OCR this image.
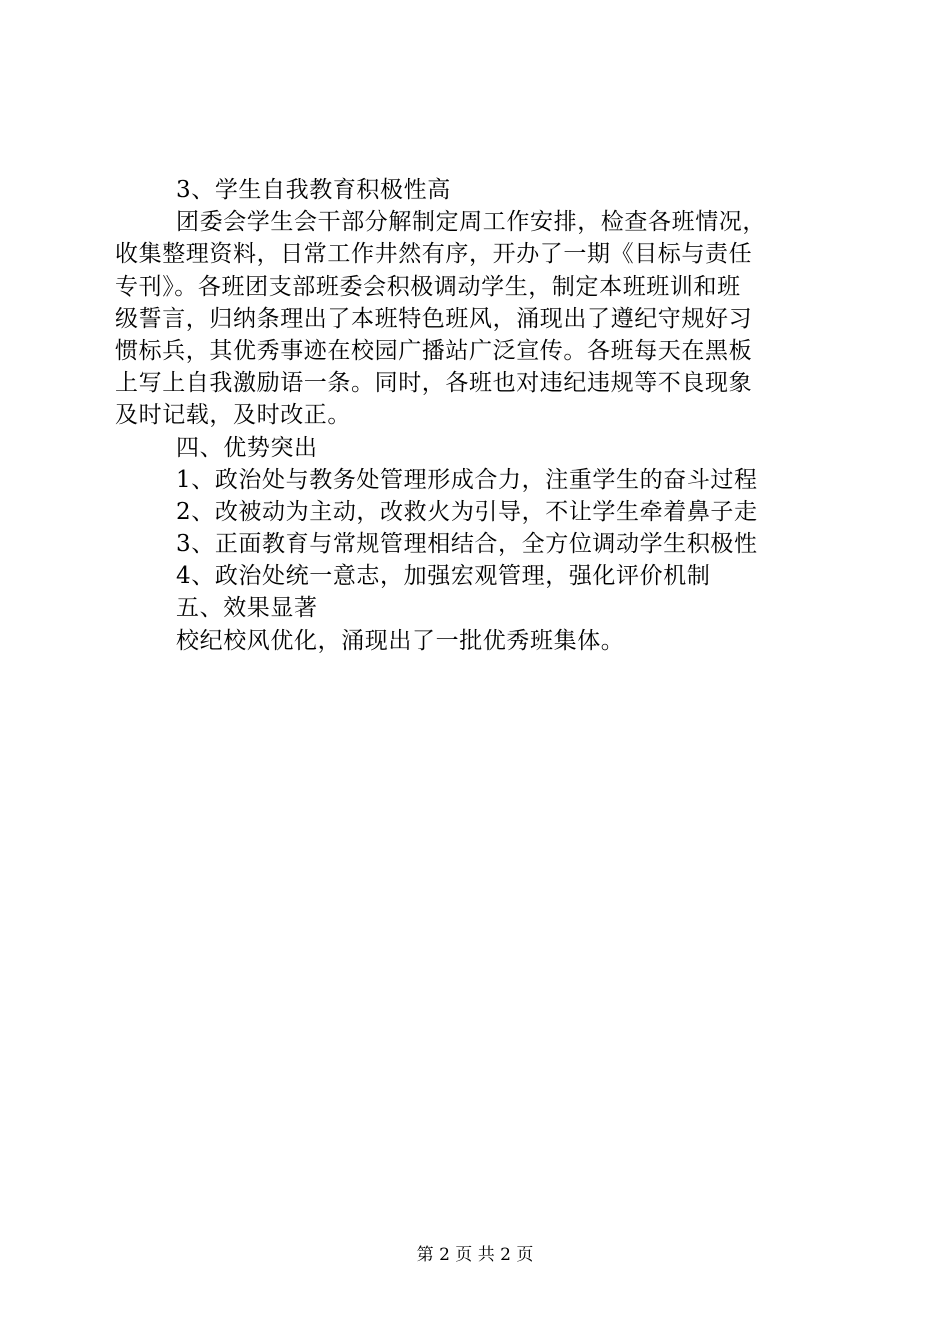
3、学生自我教育积极性高
团委会学生会干部分解制定周工作安排，检查各班情况，
收集整理资料，日常工作井然有序，开办了一期《目标与责任
专刊》。各班团支部班委会积极调动学生，制定本班班训和班
级誓言，归纳条理出了本班特色班风，涌现出了遵纪守规好习
惯标兵，其优秀事迹在校园广播站广泛宣传。各班每天在黑板
上写上自我激励语一条。同时，各班也对违纪违规等不良现象
及时记载，及时改正。
四、优势突出
1、政治处与教务处管理形成合力，注重学生的奋斗过程
2、改被动为主动，改救火为引导，不让学生牵着鼻子走
3、正面教育与常规管理相结合，全方位调动学生积极性
4、政治处统一意志，加强宏观管理，强化评价机制
五、效果显著
校纪校风优化，涌现出了一批优秀班集体。
第 2 页 共 2 页
